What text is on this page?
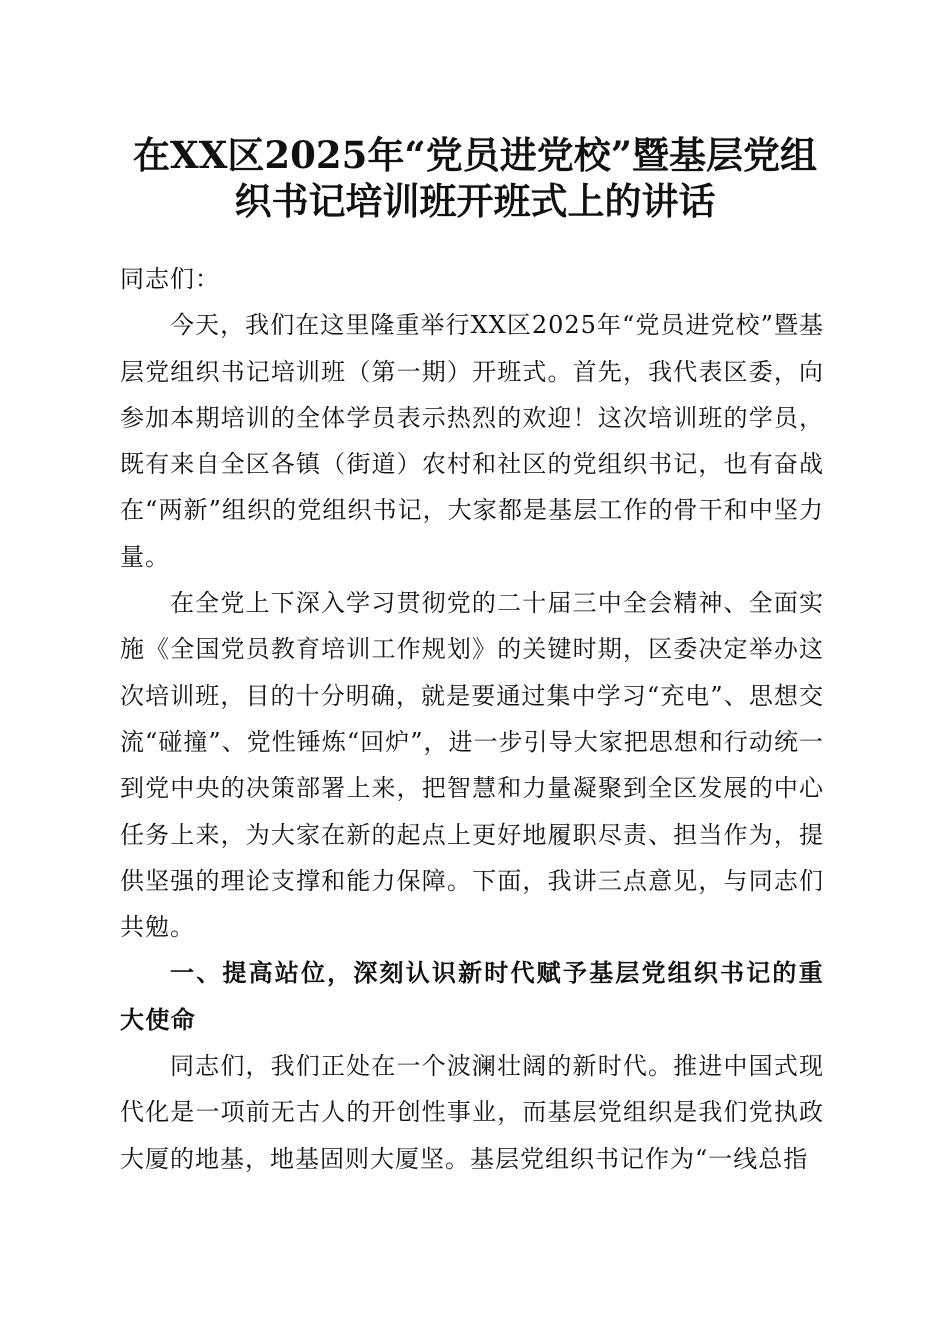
在XX区2025年“党员进党校”暨基层党组
织书记培训班开班式上的讲话

同志们：

今天，我们在这里隆重举行XX区2025年“党员进党校”暨基层党组织书记培训班（第一期）开班式。首先，我代表区委，向参加本期培训的全体学员表示热烈的欢迎！这次培训班的学员，既有来自全区各镇（街道）农村和社区的党组织书记，也有奋战在“两新”组织的党组织书记，大家都是基层工作的骨干和中坚力量。

在全党上下深入学习贯彻党的二十届三中全会精神、全面实施《全国党员教育培训工作规划》的关键时期，区委决定举办这次培训班，目的十分明确，就是要通过集中学习“充电”、思想交流“碰撞”、党性锤炼“回炉”，进一步引导大家把思想和行动统一到党中央的决策部署上来，把智慧和力量凝聚到全区发展的中心任务上来，为大家在新的起点上更好地履职尽责、担当作为，提供坚强的理论支撑和能力保障。下面，我讲三点意见，与同志们共勉。

一、提高站位，深刻认识新时代赋予基层党组织书记的重大使命

同志们，我们正处在一个波澜壮阔的新时代。推进中国式现代化是一项前无古人的开创性事业，而基层党组织是我们党执政大厦的地基，地基固则大厦坚。基层党组织书记作为“一线总指
